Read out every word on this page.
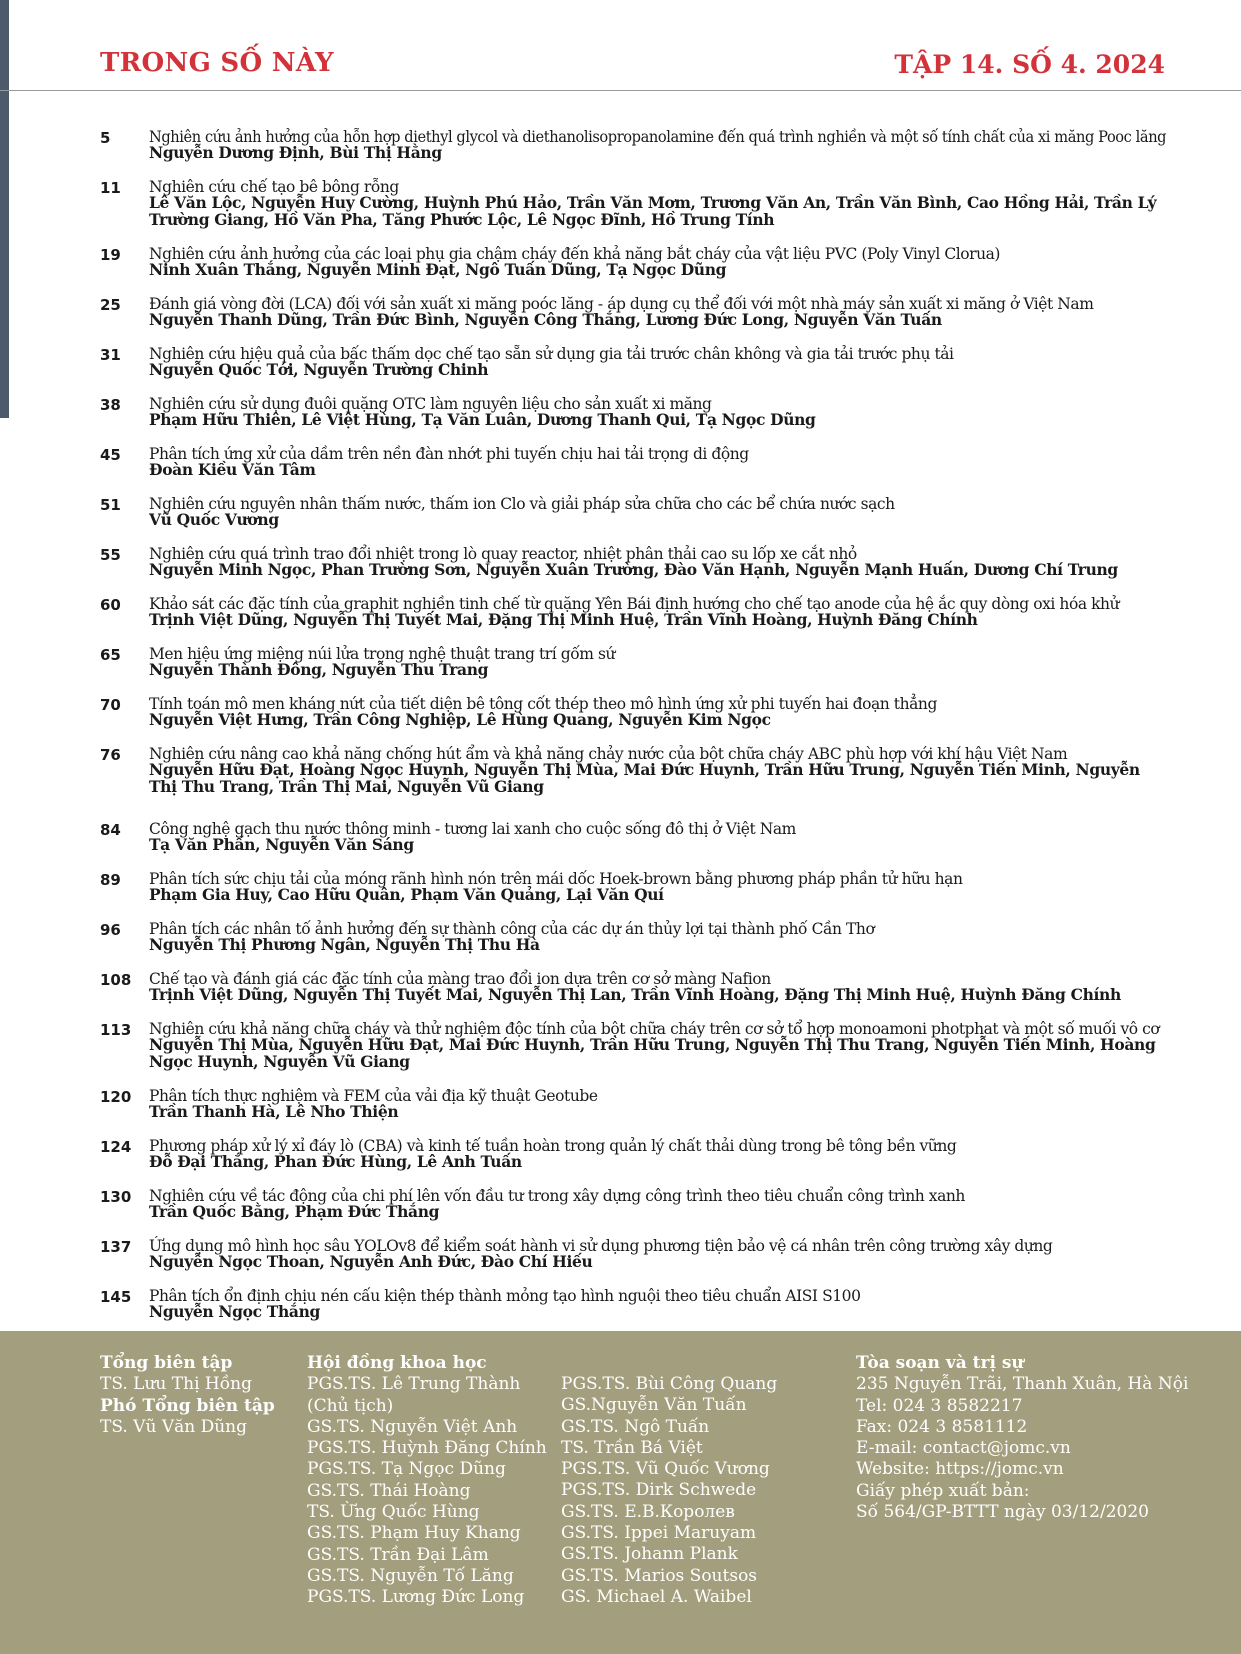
TRONG SỐ NÀY	TẬP 14. SỐ 4. 2024
5 Nghiên cứu ảnh hưởng của hỗn hợp diethyl glycol và diethanolisopropanolamine đến quá trình nghiền và một số tính chất của xi măng Pooc lăng
Nguyễn Dương Định, Bùi Thị Hằng
11 Nghiên cứu chế tạo bê bông rỗng
Lê Văn Lộc, Nguyễn Huy Cường, Huỳnh Phú Hảo, Trần Văn Mơm, Trương Văn An, Trần Văn Bình, Cao Hồng Hải, Trần Lý Trường Giang, Hồ Văn Pha, Tăng Phước Lộc, Lê Ngọc Đĩnh, Hồ Trung Tính
19 Nghiên cứu ảnh hưởng của các loại phụ gia chậm cháy đến khả năng bắt cháy của vật liệu PVC (Poly Vinyl Clorua)
Ninh Xuân Thắng, Nguyễn Minh Đạt, Ngô Tuấn Dũng, Tạ Ngọc Dũng
25 Đánh giá vòng đời (LCA) đối với sản xuất xi măng poóc lăng - áp dụng cụ thể đối với một nhà máy sản xuất xi măng ở Việt Nam
Nguyễn Thanh Dũng, Trần Đức Bình, Nguyễn Công Thắng, Lương Đức Long, Nguyễn Văn Tuấn
31 Nghiên cứu hiệu quả của bấc thấm dọc chế tạo sẵn sử dụng gia tải trước chân không và gia tải trước phụ tải
Nguyễn Quốc Tới, Nguyễn Trường Chinh
38 Nghiên cứu sử dụng đuôi quặng OTC làm nguyên liệu cho sản xuất xi măng
Phạm Hữu Thiên, Lê Việt Hùng, Tạ Văn Luân, Dương Thanh Qui, Tạ Ngọc Dũng
45 Phân tích ứng xử của dầm trên nền đàn nhớt phi tuyến chịu hai tải trọng di động
Đoàn Kiều Văn Tâm
51 Nghiên cứu nguyên nhân thấm nước, thấm ion Clo và giải pháp sửa chữa cho các bể chứa nước sạch
Vũ Quốc Vương
55 Nghiên cứu quá trình trao đổi nhiệt trong lò quay reactor, nhiệt phân thải cao su lốp xe cắt nhỏ
Nguyễn Minh Ngọc, Phan Trường Sơn, Nguyễn Xuân Trường, Đào Văn Hạnh, Nguyễn Mạnh Huấn, Dương Chí Trung
60 Khảo sát các đặc tính của graphit nghiền tinh chế từ quặng Yên Bái định hướng cho chế tạo anode của hệ ắc quy dòng oxi hóa khử
Trịnh Việt Dũng, Nguyễn Thị Tuyết Mai, Đặng Thị Minh Huệ, Trần Vĩnh Hoàng, Huỳnh Đăng Chính
65 Men hiệu ứng miệng núi lửa trong nghệ thuật trang trí gốm sứ
Nguyễn Thành Đông, Nguyễn Thu Trang
70 Tính toán mô men kháng nứt của tiết diện bê tông cốt thép theo mô hình ứng xử phi tuyến hai đoạn thẳng
Nguyễn Việt Hưng, Trần Công Nghiệp, Lê Hùng Quang, Nguyễn Kim Ngọc
76 Nghiên cứu nâng cao khả năng chống hút ẩm và khả năng chảy nước của bột chữa cháy ABC phù hợp với khí hậu Việt Nam
Nguyễn Hữu Đạt, Hoàng Ngọc Huynh, Nguyễn Thị Mùa, Mai Đức Huynh, Trần Hữu Trung, Nguyễn Tiến Minh, Nguyễn Thị Thu Trang, Trần Thị Mai, Nguyễn Vũ Giang
84 Công nghệ gạch thu nước thông minh - tương lai xanh cho cuộc sống đô thị ở Việt Nam
Tạ Văn Phấn, Nguyễn Văn Sáng
89 Phân tích sức chịu tải của móng rãnh hình nón trên mái dốc Hoek-brown bằng phương pháp phần tử hữu hạn
Phạm Gia Huy, Cao Hữu Quân, Phạm Văn Quảng, Lại Văn Quí
96 Phân tích các nhân tố ảnh hưởng đến sự thành công của các dự án thủy lợi tại thành phố Cần Thơ
Nguyễn Thị Phương Ngân, Nguyễn Thị Thu Hà
108 Chế tạo và đánh giá các đặc tính của màng trao đổi ion dựa trên cơ sở màng Nafion
Trịnh Việt Dũng, Nguyễn Thị Tuyết Mai, Nguyễn Thị Lan, Trần Vĩnh Hoàng, Đặng Thị Minh Huệ, Huỳnh Đăng Chính
113 Nghiên cứu khả năng chữa cháy và thử nghiệm độc tính của bột chữa cháy trên cơ sở tổ hợp monoamoni photphat và một số muối vô cơ
Nguyễn Thị Mùa, Nguyễn Hữu Đạt, Mai Đức Huynh, Trần Hữu Trung, Nguyễn Thị Thu Trang, Nguyễn Tiến Minh, Hoàng Ngọc Huynh, Nguyễn Vũ Giang
120 Phân tích thực nghiệm và FEM của vải địa kỹ thuật Geotube
Trần Thanh Hà, Lê Nho Thiện
124 Phương pháp xử lý xỉ đáy lò (CBA) và kinh tế tuần hoàn trong quản lý chất thải dùng trong bê tông bền vững
Đỗ Đại Thắng, Phan Đức Hùng, Lê Anh Tuấn
130 Nghiên cứu về tác động của chi phí lên vốn đầu tư trong xây dựng công trình theo tiêu chuẩn công trình xanh
Trần Quốc Bằng, Phạm Đức Thắng
137 Ứng dụng mô hình học sâu YOLOv8 để kiểm soát hành vi sử dụng phương tiện bảo vệ cá nhân trên công trường xây dựng
Nguyễn Ngọc Thoan, Nguyễn Anh Đức, Đào Chí Hiếu
145 Phân tích ổn định chịu nén cấu kiện thép thành mỏng tạo hình nguội theo tiêu chuẩn AISI S100
Nguyễn Ngọc Thắng
Tổng biên tập
TS. Lưu Thị Hồng
Phó Tổng biên tập
TS. Vũ Văn Dũng
Hội đồng khoa học
PGS.TS. Lê Trung Thành
(Chủ tịch)
GS.TS. Nguyễn Việt Anh
PGS.TS. Huỳnh Đăng Chính
PGS.TS. Tạ Ngọc Dũng
GS.TS. Thái Hoàng
TS. Ừng Quốc Hùng
GS.TS. Phạm Huy Khang
GS.TS. Trần Đại Lâm
GS.TS. Nguyễn Tố Lăng
PGS.TS. Lương Đức Long
PGS.TS. Bùi Công Quang
GS.Nguyễn Văn Tuấn
GS.TS. Ngô Tuấn
TS. Trần Bá Việt
PGS.TS. Vũ Quốc Vương
PGS.TS. Dirk Schwede
GS.TS. E.B.Королев
GS.TS. Ippei Maruyam
GS.TS. Johann Plank
GS.TS. Marios Soutsos
GS. Michael A. Waibel
Tòa soạn và trị sự
235 Nguyễn Trãi, Thanh Xuân, Hà Nội
Tel: 024 3 8582217
Fax: 024 3 8581112
E-mail: contact@jomc.vn
Website: https://jomc.vn
Giấy phép xuất bản:
Số 564/GP-BTTT ngày 03/12/2020
